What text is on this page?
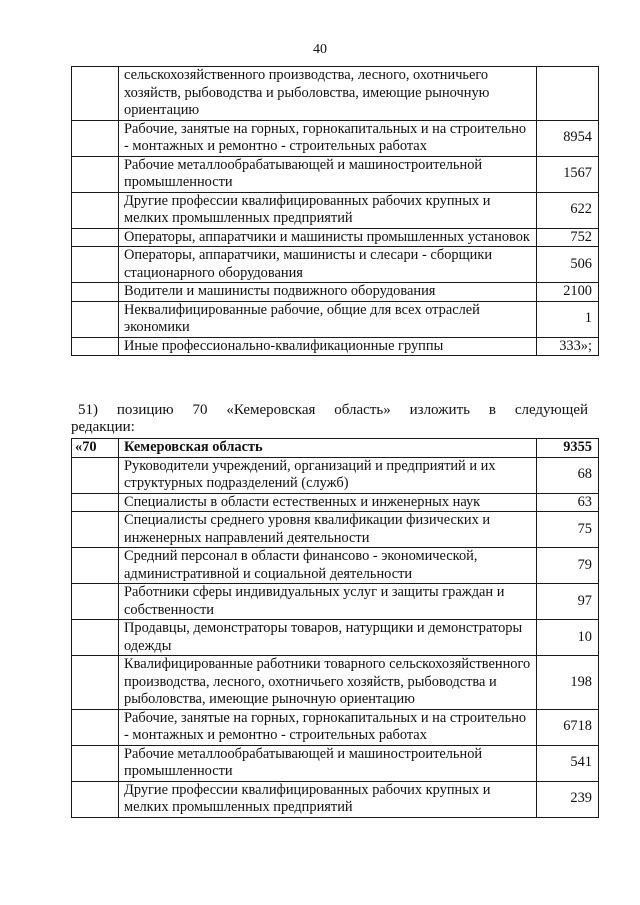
40
	сельскохозяйственного производства, лесного, охотничьего хозяйств, рыбоводства и рыболовства, имеющие рыночную ориентацию	
	Рабочие, занятые на горных, горнокапитальных и на строительно - монтажных и ремонтно - строительных работах	8954
	Рабочие металлообрабатывающей и машиностроительной промышленности	1567
	Другие профессии квалифицированных рабочих крупных и мелких промышленных предприятий	622
	Операторы, аппаратчики и машинисты промышленных установок	752
	Операторы, аппаратчики, машинисты и слесари - сборщики стационарного оборудования	506
	Водители и машинисты подвижного оборудования	2100
	Неквалифицированные рабочие, общие для всех отраслей экономики	1
	Иные профессионально-квалификационные группы	333»;
51) позицию 70 «Кемеровская область» изложить в следующей
редакции:
«70	Кемеровская область	9355
	Руководители учреждений, организаций и предприятий и их структурных подразделений (служб)	68
	Специалисты в области естественных и инженерных наук	63
	Специалисты среднего уровня квалификации физических и инженерных направлений деятельности	75
	Средний персонал в области финансово - экономической, административной и социальной деятельности	79
	Работники сферы индивидуальных услуг и защиты граждан и собственности	97
	Продавцы, демонстраторы товаров, натурщики и демонстраторы одежды	10
	Квалифицированные работники товарного сельскохозяйственного производства, лесного, охотничьего хозяйств, рыбоводства и рыболовства, имеющие рыночную ориентацию	198
	Рабочие, занятые на горных, горнокапитальных и на строительно - монтажных и ремонтно - строительных работах	6718
	Рабочие металлообрабатывающей и машиностроительной промышленности	541
	Другие профессии квалифицированных рабочих крупных и мелких промышленных предприятий	239
